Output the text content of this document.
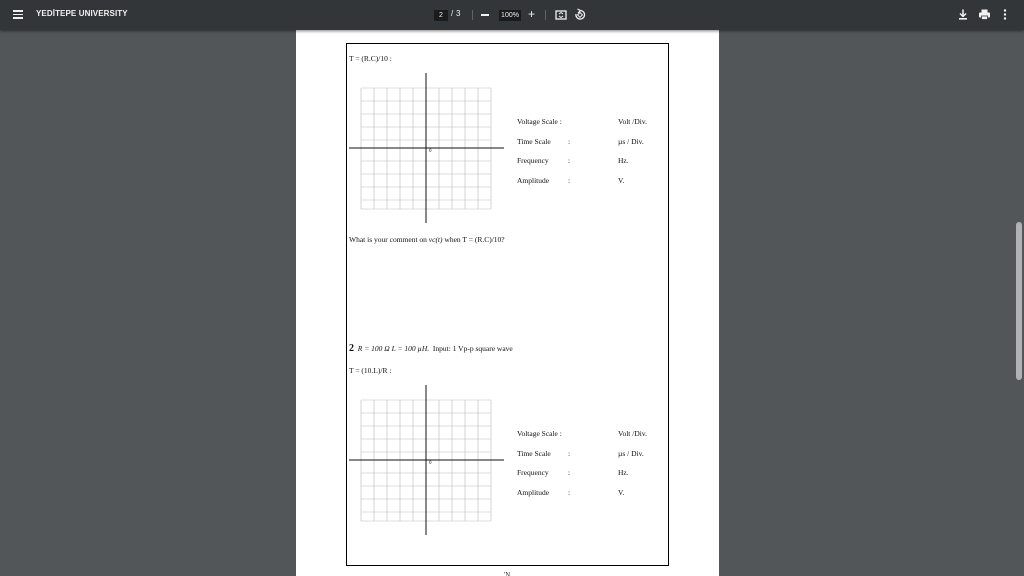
YEDİTEPE UNIVERSITY	2	/ 3	100% +
T = (R.C)/10 :
0
Voltage Scale :	Volt /Div.
Time Scale :	µs / Div.
Frequency	:	Hz.
Amplitude	:	V.
What is your comment on vc(t) when T = (R.C)/10?
2 R = 100 Ω L = 100 µH. Input: 1 Vp-p square wave
T = (10.L)/R :
0
Voltage Scale :	Volt /Div.
Time Scale :	µs / Div.
Frequency	:	Hz.
Amplitude	:	V.
'N
